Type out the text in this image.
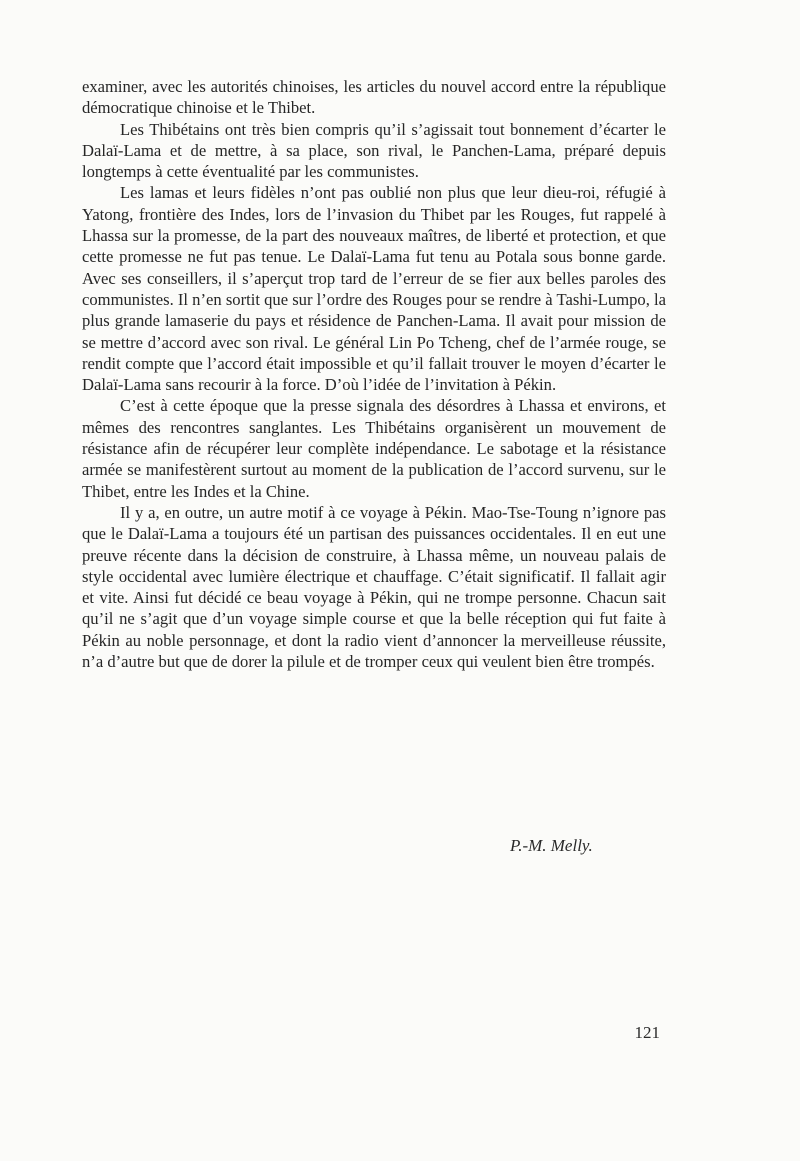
examiner, avec les autorités chinoises, les articles du nouvel accord entre la république démocratique chinoise et le Thibet.

Les Thibétains ont très bien compris qu’il s’agissait tout bonnement d’écarter le Dalaï-Lama et de mettre, à sa place, son rival, le Panchen-Lama, préparé depuis longtemps à cette éventualité par les communistes.

Les lamas et leurs fidèles n’ont pas oublié non plus que leur dieu-roi, réfugié à Yatong, frontière des Indes, lors de l’invasion du Thibet par les Rouges, fut rappelé à Lhassa sur la promesse, de la part des nouveaux maîtres, de liberté et protection, et que cette promesse ne fut pas tenue. Le Dalaï-Lama fut tenu au Potala sous bonne garde. Avec ses conseillers, il s’aperçut trop tard de l’erreur de se fier aux belles paroles des communistes. Il n’en sortit que sur l’ordre des Rouges pour se rendre à Tashi-Lumpo, la plus grande lamaserie du pays et résidence de Panchen-Lama. Il avait pour mission de se mettre d’accord avec son rival. Le général Lin Po Tcheng, chef de l’armée rouge, se rendit compte que l’accord était impossible et qu’il fallait trouver le moyen d’écarter le Dalaï-Lama sans recourir à la force. D’où l’idée de l’invitation à Pékin.

C’est à cette époque que la presse signala des désordres à Lhassa et environs, et mêmes des rencontres sanglantes. Les Thibétains organisèrent un mouvement de résistance afin de récupérer leur complète indépendance. Le sabotage et la résistance armée se manifestèrent surtout au moment de la publication de l’accord survenu, sur le Thibet, entre les Indes et la Chine.

Il y a, en outre, un autre motif à ce voyage à Pékin. Mao-Tse-Toung n’ignore pas que le Dalaï-Lama a toujours été un partisan des puissances occidentales. Il en eut une preuve récente dans la décision de construire, à Lhassa même, un nouveau palais de style occidental avec lumière électrique et chauffage. C’était significatif. Il fallait agir et vite. Ainsi fut décidé ce beau voyage à Pékin, qui ne trompe personne. Chacun sait qu’il ne s’agit que d’un voyage simple course et que la belle réception qui fut faite à Pékin au noble personnage, et dont la radio vient d’annoncer la merveilleuse réussite, n’a d’autre but que de dorer la pilule et de tromper ceux qui veulent bien être trompés.

P.-M. Melly.
121
